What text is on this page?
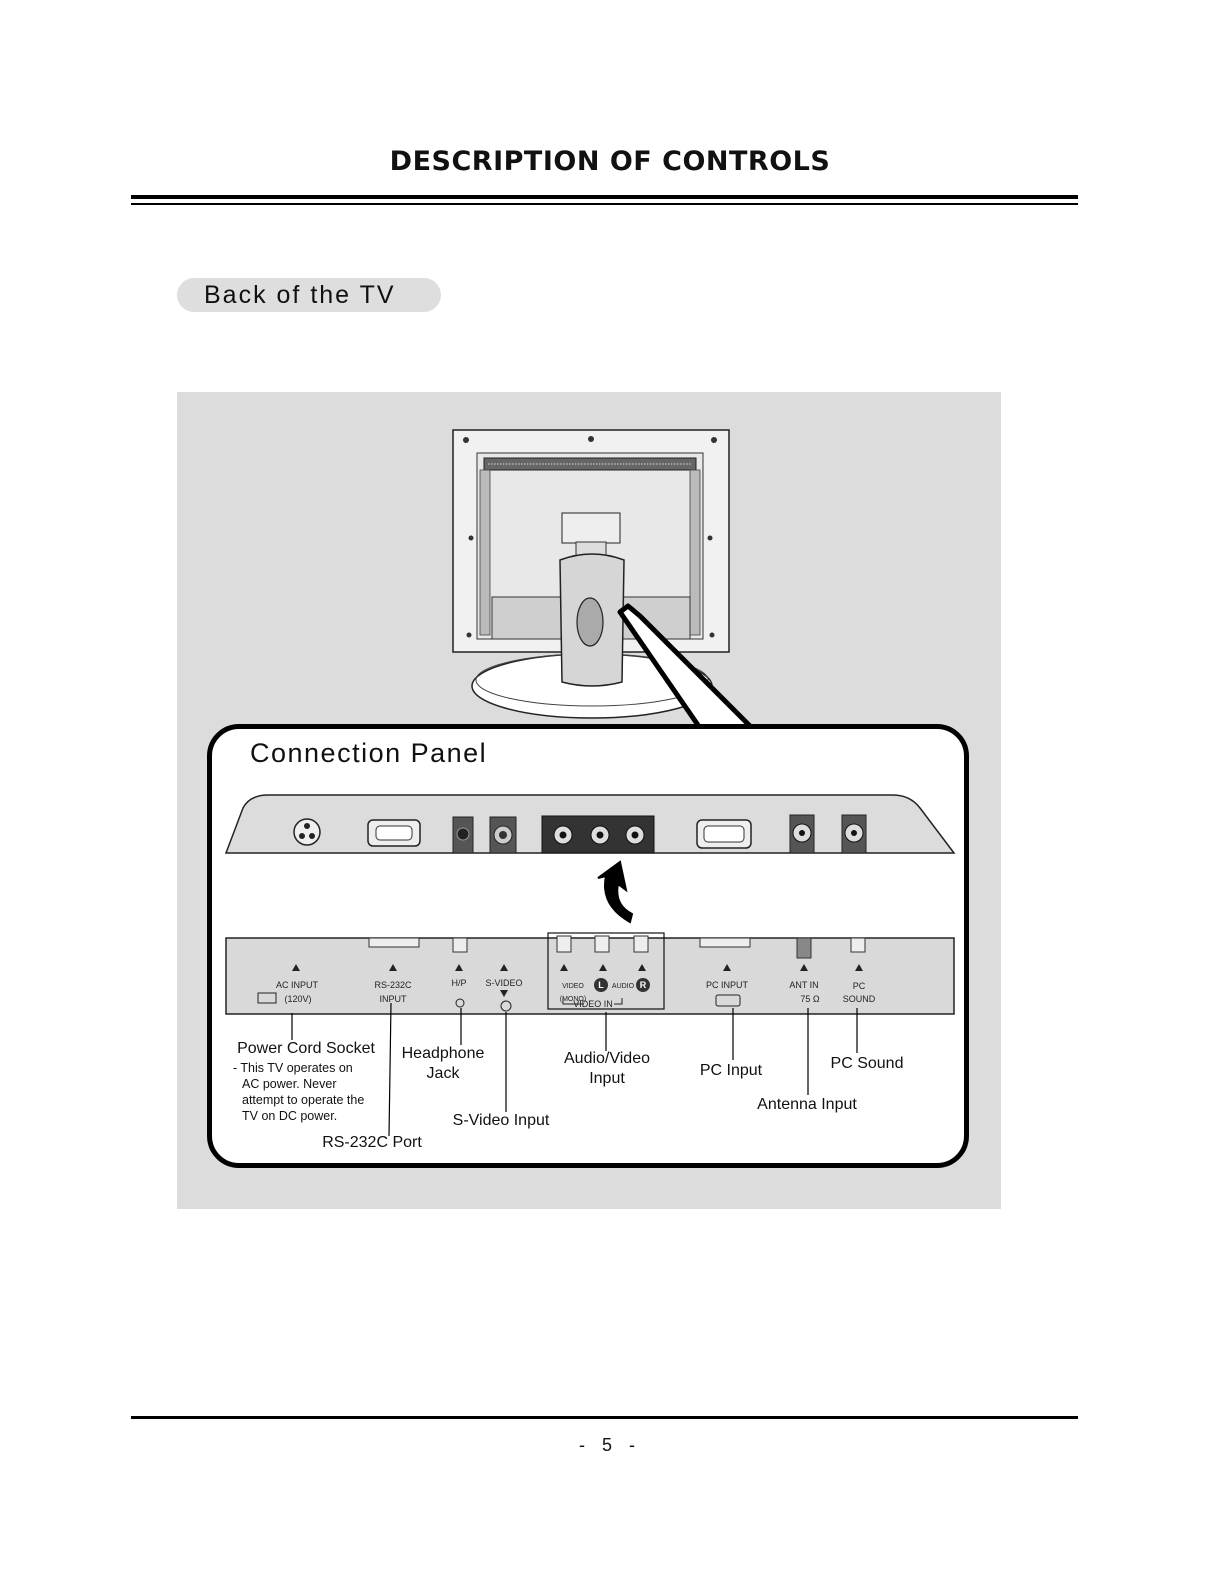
DESCRIPTION OF CONTROLS
Back of the TV
Connection Panel
AC INPUT
(120V)
RS-232C
INPUT
H/P	S-VIDEO	VIDEO (MONO)
L	AUDIO R
VIDEO IN
PC INPUT	ANT IN
75 Ω
PC
SOUND
Power Cord Socket
- This TV operates on
AC power. Never
attempt to operate the
TV on DC power.
RS-232C Port
Headphone
Jack
S-Video Input
Audio/Video
Input	PC Input
Antenna Input
PC Sound
- 5 -
